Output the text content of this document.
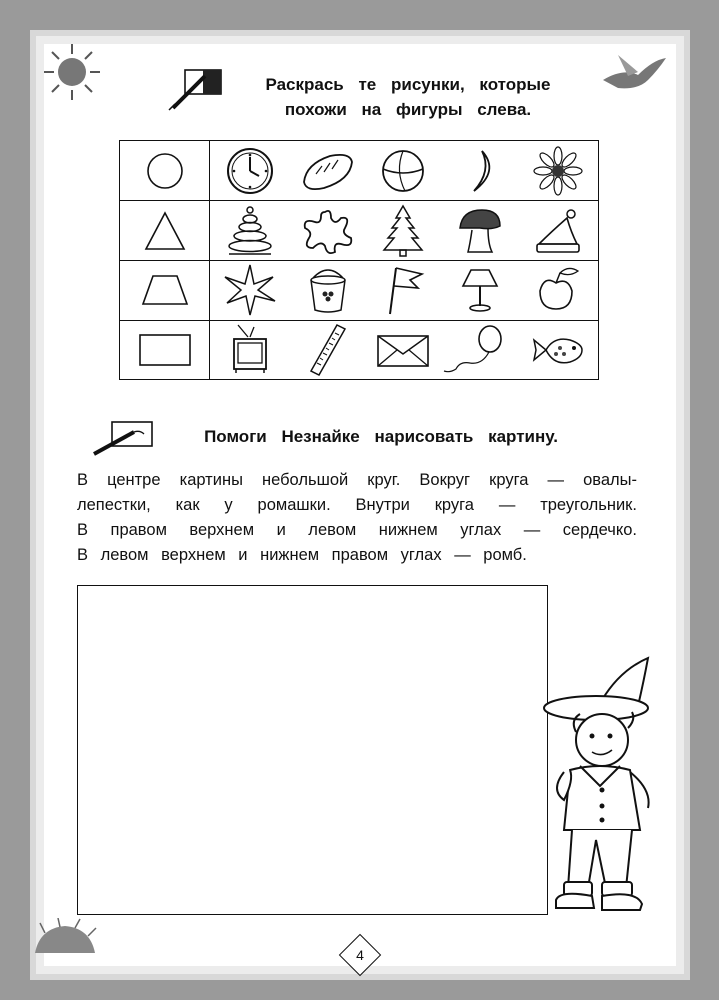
Раскрась те рисунки, которые
похожи на фигуры слева.
Помоги Незнайке нарисовать картину.

В центре картины небольшой круг. Вокруг круга — овалы-

лепестки, как у ромашки. Внутри круга — треугольник.

В правом верхнем и левом нижнем углах — сердечко.

В левом верхнем и нижнем правом углах — ромб.

4
